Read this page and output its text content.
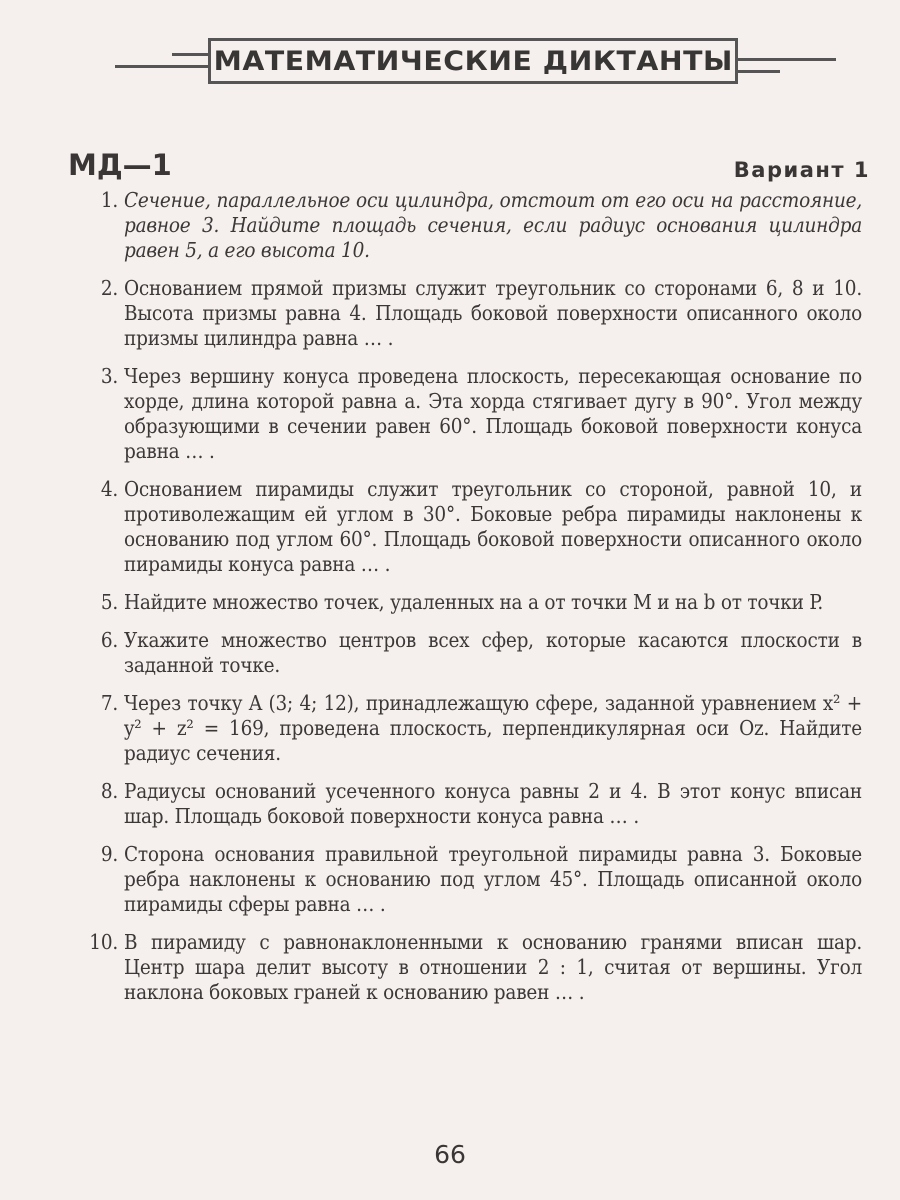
МАТЕМАТИЧЕСКИЕ ДИКТАНТЫ
МД—1	Вариант 1
1. Сечение, параллельное оси цилиндра, отстоит от его оси на расстояние, равное 3. Найдите площадь сечения, если радиус основания цилиндра равен 5, а его высота 10.
2. Основанием прямой призмы служит треугольник со сторонами 6, 8 и 10. Высота призмы равна 4. Площадь боковой поверхности описанного около призмы цилиндра равна … .
3. Через вершину конуса проведена плоскость, пересекающая основание по хорде, длина которой равна a. Эта хорда стягивает дугу в 90°. Угол между образующими в сечении равен 60°. Площадь боковой поверхности конуса равна … .
4. Основанием пирамиды служит треугольник со стороной, равной 10, и противолежащим ей углом в 30°. Боковые ребра пирамиды наклонены к основанию под углом 60°. Площадь боковой поверхности описанного около пирамиды конуса равна … .
5. Найдите множество точек, удаленных на a от точки M и на b от точки P.
6. Укажите множество центров всех сфер, которые касаются плоскости в заданной точке.
7. Через точку A (3; 4; 12), принадлежащую сфере, заданной уравнением x² + y² + z² = 169, проведена плоскость, перпендикулярная оси Oz. Найдите радиус сечения.
8. Радиусы оснований усеченного конуса равны 2 и 4. В этот конус вписан шар. Площадь боковой поверхности конуса равна … .
9. Сторона основания правильной треугольной пирамиды равна 3. Боковые ребра наклонены к основанию под углом 45°. Площадь описанной около пирамиды сферы равна … .
10. В пирамиду с равнонаклоненными к основанию гранями вписан шар. Центр шара делит высоту в отношении 2 : 1, считая от вершины. Угол наклона боковых граней к основанию равен … .
66
